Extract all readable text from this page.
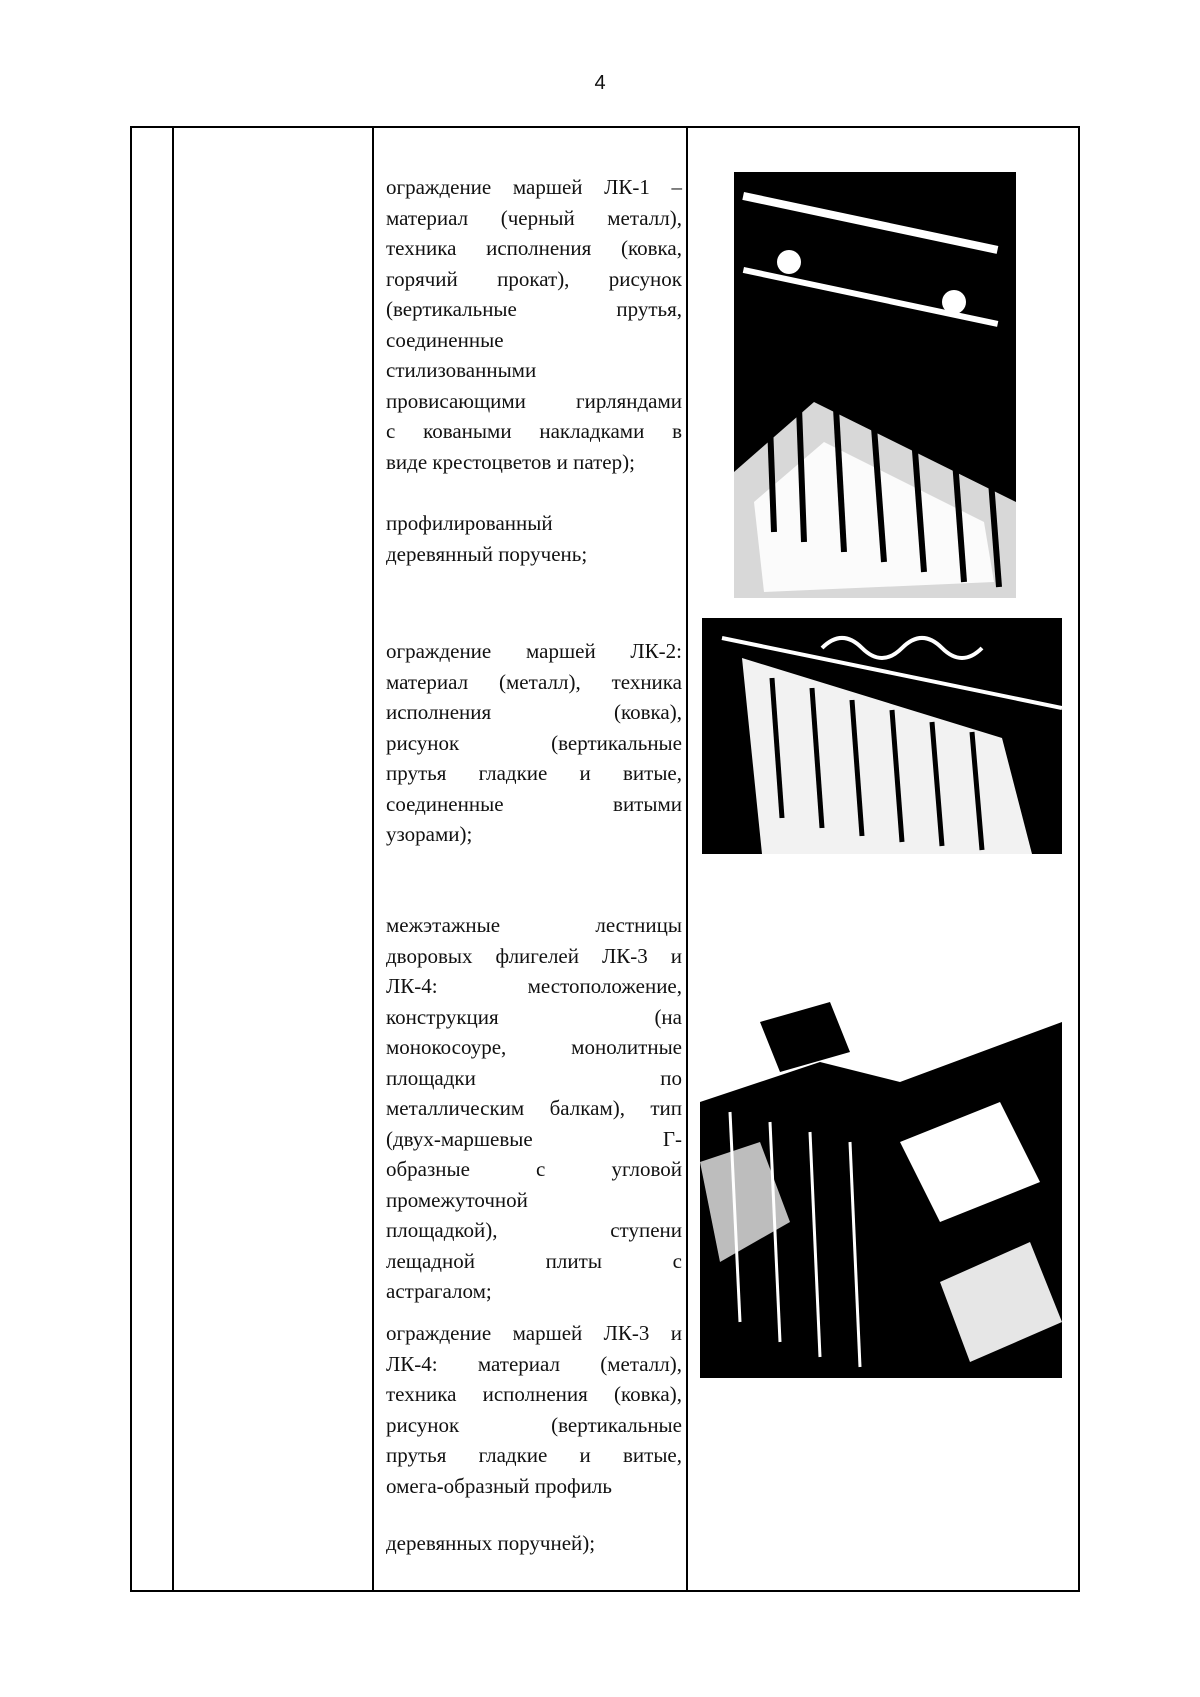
4

ограждение маршей ЛК-1 –

материал (черный металл),

техника исполнения (ковка,

горячий прокат), рисунок

(вертикальные прутья,

соединенные

стилизованными

провисающими гирляндами

с коваными накладками в

виде крестоцветов и патер);

профилированный

деревянный поручень;

ограждение маршей ЛК-2:

материал (металл), техника

исполнения (ковка),

рисунок (вертикальные

прутья гладкие и витые,

соединенные витыми

узорами);

межэтажные лестницы

дворовых флигелей ЛК-3 и

ЛК-4: местоположение,

конструкция (на

монокосоуре, монолитные

площадки по

металлическим балкам), тип

(двух-маршевые Г-

образные с угловой

промежуточной

площадкой), ступени

лещадной плиты с

астрагалом;

ограждение маршей ЛК-3 и

ЛК-4: материал (металл),

техника исполнения (ковка),

рисунок (вертикальные

прутья гладкие и витые,

омега-образный профиль

деревянных поручней);
